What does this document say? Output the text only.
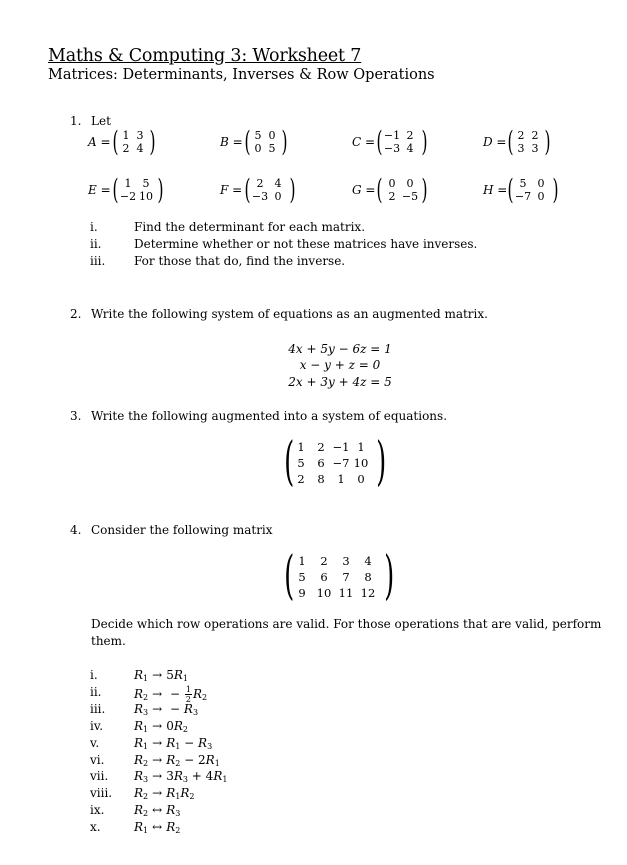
Maths & Computing 3: Worksheet 7
Matrices: Determinants, Inverses & Row Operations
1. Let
A = ( 1 3
2 4 )	B = ( 5 0
0 5 )	C = ( −1 2
−3 4 )	D = ( 2 2
3 3 )
E = ( 1	5
−2 10 )	F = ( 2	4
−3 0 )	G = ( 0	0
2 −5 )	H = ( 5	0
−7 0 )
i.	Find the determinant for each matrix.
ii.	Determine whether or not these matrices have inverses.
iii. For those that do, find the inverse.
2. Write the following system of equations as an augmented matrix.
4x + 5y − 6z = 1
x − y + z = 0
2x + 3y + 4z = 5
3. Write the following augmented into a system of equations.
( 1	2 −1 1
5	6 −7 10
2	8	1	0 )
4. Consider the following matrix
( 1	2	3	4
5	6	7	8
9 10 11 12 )
Decide which row operations are valid. For those operations that are valid, perform
them.
i.	$R_1 \to 5R_1$
ii.	$R_2$ → − $\frac{1}{2} R_2$
iii. $R_3$ → − $R_3$
iv.	$R_1 \to 0R_2$
v.	$R_1 \to R_1 - R_3$
vi. $R_2 \to R_2 - 2R_1$
vii. $R_3 \to 3R_3 + 4R_1$
viii. $R_2 \to R_1R_2$
ix. $R_2$ ↔ $R_3$
x.	$R_1$ ↔ $R_2$
